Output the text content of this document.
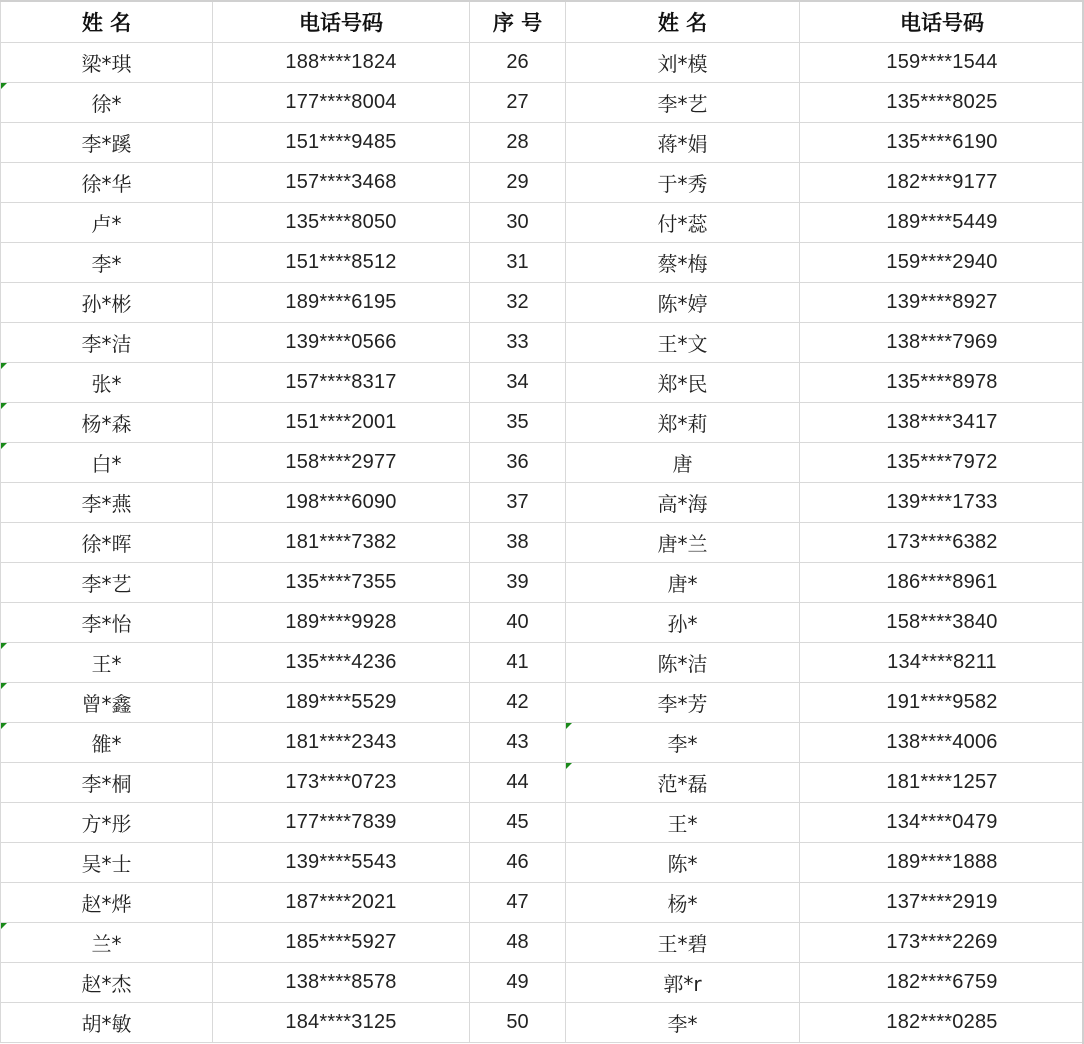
姓 名	电话号码	序 号	姓 名	电话号码
梁*琪	188****1824	26	刘*模	159****1544
徐*	177****8004	27	李*艺	135****8025
李*蹊	151****9485	28	蒋*娟	135****6190
徐*华	157****3468	29	于*秀	182****9177
卢*	135****8050	30	付*蕊	189****5449
李*	151****8512	31	蔡*梅	159****2940
孙*彬	189****6195	32	陈*婷	139****8927
李*洁	139****0566	33	王*文	138****7969
张*	157****8317	34	郑*民	135****8978
杨*森	151****2001	35	郑*莉	138****3417
白*	158****2977	36	唐	135****7972
李*燕	198****6090	37	高*海	139****1733
徐*晖	181****7382	38	唐*兰	173****6382
李*艺	135****7355	39	唐*	186****8961
李*怡	189****9928	40	孙*	158****3840
王*	135****4236	41	陈*洁	134****8211
曾*鑫	189****5529	42	李*芳	191****9582
雒*	181****2343	43	李*	138****4006
李*桐	173****0723	44	范*磊	181****1257
方*彤	177****7839	45	王*	134****0479
吴*士	139****5543	46	陈*	189****1888
赵*烨	187****2021	47	杨*	137****2919
兰*	185****5927	48	王*碧	173****2269
赵*杰	138****8578	49	郭*r	182****6759
胡*敏	184****3125	50	李*	182****0285
